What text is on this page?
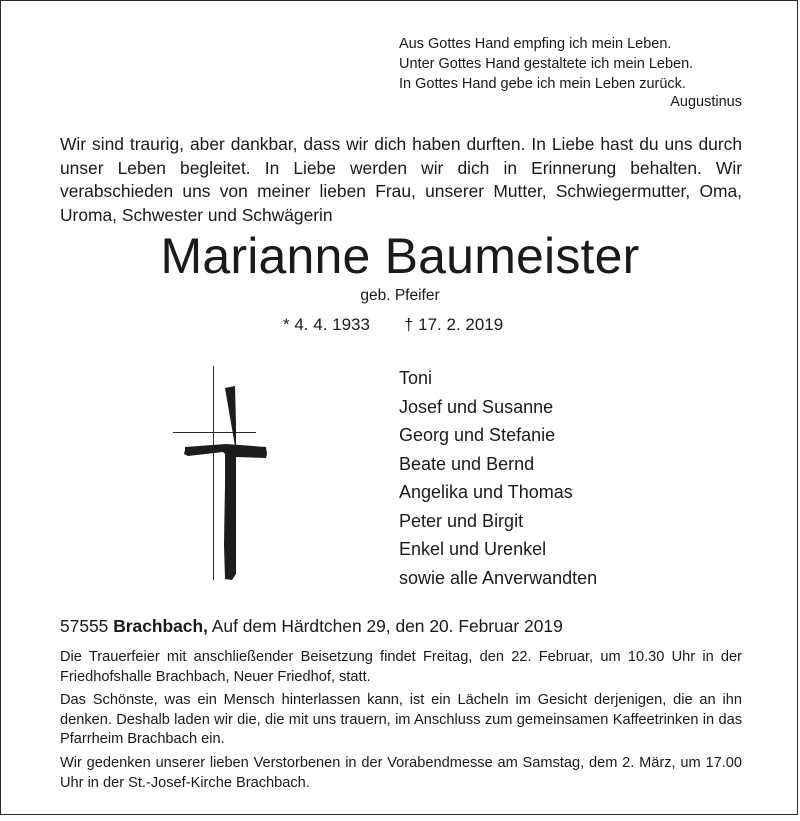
Aus Gottes Hand empfing ich mein Leben.
Unter Gottes Hand gestaltete ich mein Leben.
In Gottes Hand gebe ich mein Leben zurück.
Augustinus
Wir sind traurig, aber dankbar, dass wir dich haben durften. In Liebe hast du uns durch unser Leben begleitet. In Liebe werden wir dich in Erinnerung behalten. Wir verabschieden uns von meiner lieben Frau, unserer Mutter, Schwiegermutter, Oma, Uroma, Schwester und Schwägerin
Marianne Baumeister
geb. Pfeifer
* 4. 4. 1933 † 17. 2. 2019
Toni
Josef und Susanne
Georg und Stefanie
Beate und Bernd
Angelika und Thomas
Peter und Birgit
Enkel und Urenkel
sowie alle Anverwandten
57555 Brachbach, Auf dem Härdtchen 29, den 20. Februar 2019
Die Trauerfeier mit anschließender Beisetzung findet Freitag, den 22. Februar, um 10.30 Uhr in der Friedhofshalle Brachbach, Neuer Friedhof, statt.
Das Schönste, was ein Mensch hinterlassen kann, ist ein Lächeln im Gesicht derjenigen, die an ihn denken. Deshalb laden wir die, die mit uns trauern, im Anschluss zum gemeinsamen Kaffeetrinken in das Pfarrheim Brachbach ein.
Wir gedenken unserer lieben Verstorbenen in der Vorabendmesse am Samstag, dem 2. März, um 17.00 Uhr in der St.-Josef-Kirche Brachbach.
